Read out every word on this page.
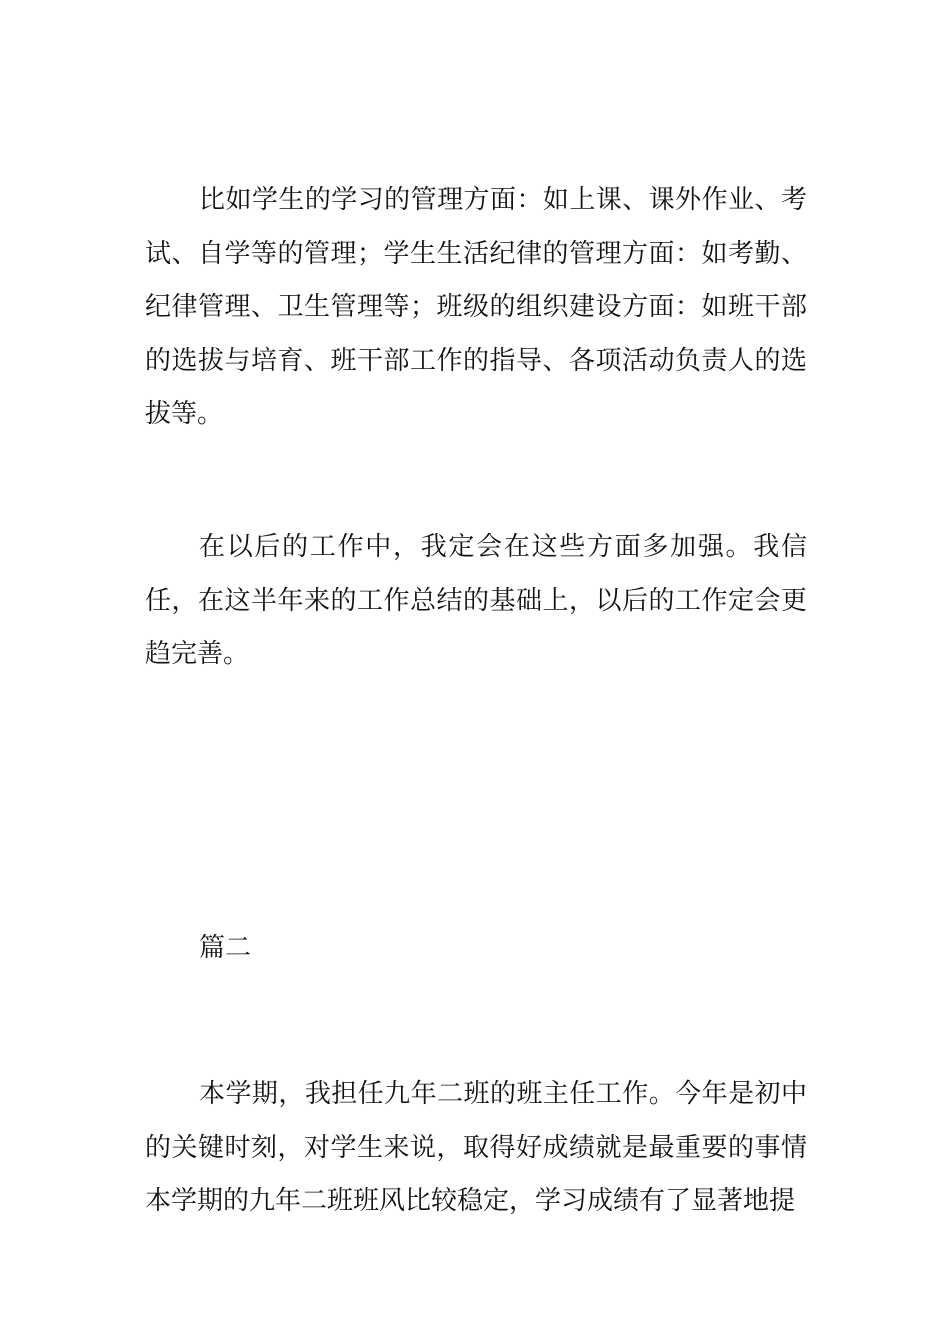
比如学生的学习的管理方面：如上课、课外作业、考试、自学等的管理；学生生活纪律的管理方面：如考勤、纪律管理、卫生管理等；班级的组织建设方面：如班干部的选拔与培育、班干部工作的指导、各项活动负责人的选拔等。

在以后的工作中，我定会在这些方面多加强。我信任，在这半年来的工作总结的基础上，以后的工作定会更趋完善。

篇二

本学期，我担任九年二班的班主任工作。今年是初中的关键时刻，对学生来说，取得好成绩就是最重要的事情本学期的九年二班班风比较稳定，学习成绩有了显著地提
